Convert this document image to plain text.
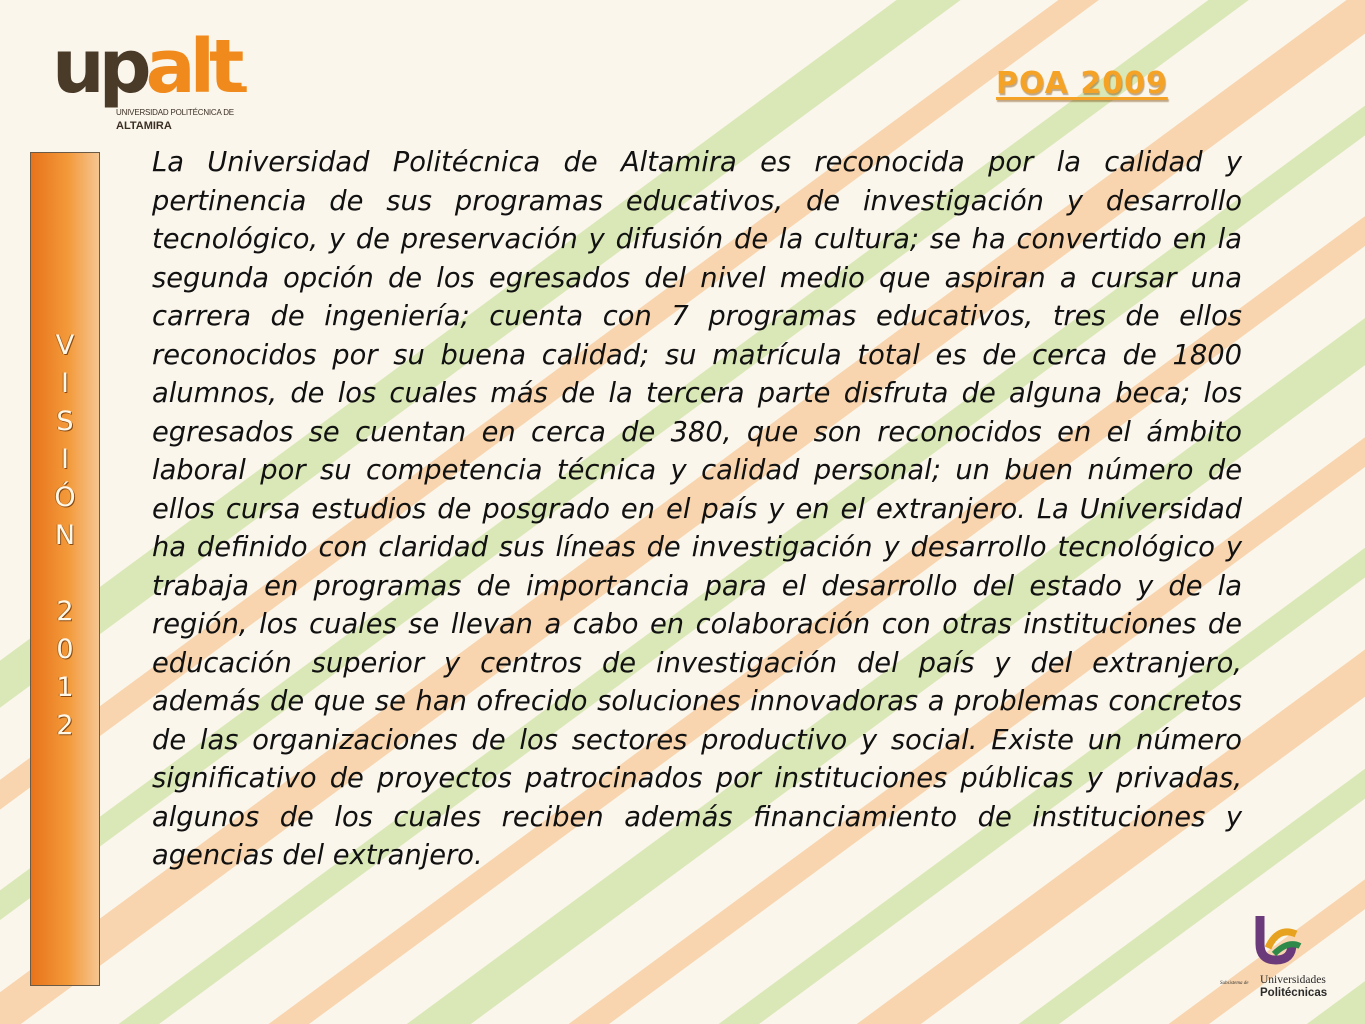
upalt.
UNIVERSIDAD POLITÉCNICA DE
ALTAMIRA
POA 2009
V
I
S
I
Ó
N
2
0
1
2

La Universidad Politécnica de Altamira es reconocida por la calidad y pertinencia de sus programas educativos, de investigación y desarrollo tecnológico, y de preservación y difusión de la cultura; se ha convertido en la segunda opción de los egresados del nivel medio que aspiran a cursar una carrera de ingeniería; cuenta con 7 programas educativos, tres de ellos reconocidos por su buena calidad; su matrícula total es de cerca de 1800 alumnos, de los cuales más de la tercera parte disfruta de alguna beca; los egresados se cuentan en cerca de 380, que son reconocidos en el ámbito laboral por su competencia técnica y calidad personal; un buen número de ellos cursa estudios de posgrado en el país y en el extranjero. La Universidad ha definido con claridad sus líneas de investigación y desarrollo tecnológico y trabaja en programas de importancia para el desarrollo del estado y de la región, los cuales se llevan a cabo en colaboración con otras instituciones de educación superior y centros de investigación del país y del extranjero, además de que se han ofrecido soluciones innovadoras a problemas concretos de las organizaciones de los sectores productivo y social. Existe un número significativo de proyectos patrocinados por instituciones públicas y privadas, algunos de los cuales reciben además financiamiento de instituciones y agencias del extranjero.

Subsistema de Universidades
Politécnicas
